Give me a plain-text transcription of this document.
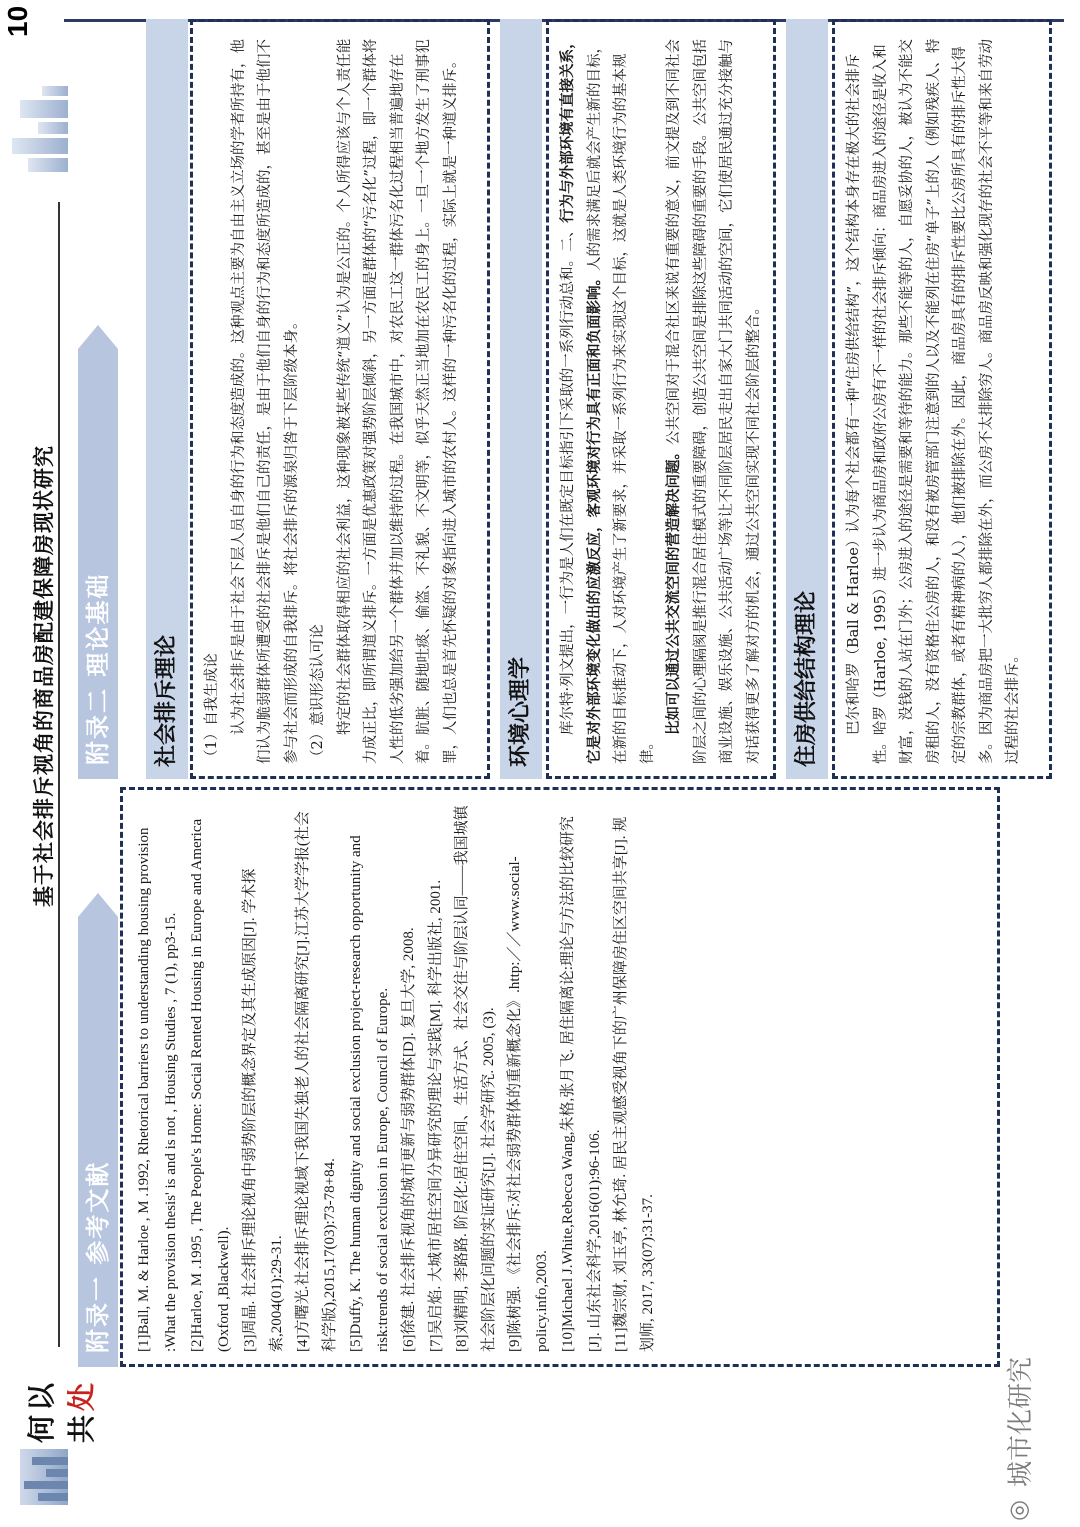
何以共处
基于社会排斥视角的商品房配建保障房现状研究
10
附录一 参考文献	[1]Ball, M. & Harloe , M .1992, Rhetorical barriers to understanding housing provision :What the provision thesis' is and is not , Housing Studies , 7 (1), pp3-15. [2]Harloe, M .1995 , The People's Home: Social Rented Housing in Europe and America (Oxford ,Blackwell). [3]周晶. 社会排斥理论视角中弱势阶层的概念界定及其生成原因[J]. 学术探索,2004(01):29-31. [4]方曙光.社会排斥理论视域下我国失独老人的社会隔离研究[J].江苏大学学报(社会科学版),2015,17(03):73-78+84. [5]Duffy, K. The human dignity and social exclusion project-research opportunity and risk:trends of social exclusion in Europe, Council of Europe. [6]徐建. 社会排斥视角的城市更新与弱势群体[D]. 复旦大学, 2008. [7]吴启焰. 大城市居住空间分异研究的理论与实践[M]. 科学出版社, 2001. [8]刘精明, 李路路. 阶层化:居住空间、生活方式、社会交往与阶层认同——我国城镇社会阶层化问题的实证研究[J]. 社会学研究. 2005, (3). [9]陈树强. 《社会排斥:对社会弱势群体的重新概念化》.http:／／www.social-policy.info,2003. [10]Michael J.White,Rebecca Wang,朱格,张月飞. 居住隔离论:理论与方法的比较研究[J]. 山东社会科学,2016(01):96-106. [11]魏宗财, 刘玉亭, 林允琦. 居民主观感受视角下的广州保障房住区空间共享[J]. 规划师, 2017, 33(07):31-37.

附录二 理论基础	社会排斥理论	（1）自我生成论 认为社会排斥是由于社会下层人员自身的行为和态度造成的。这种观点主要为自由主义立场的学者所持有，他们认为脆弱群体所遭受的社会排斥是他们自己的责任，是由于他们自身的行为和态度所造成的，甚至是由于他们不参与社会而形成的自我排斥。将社会排斥的源泉归咎于下层阶级本身。 （2）意识形态认可论 特定的社会群体取得相应的社会利益，这种现象被某些传统“道义”认为是公正的。个人所得应该与个人责任能力成正比，即所谓道义排斥。一方面是优惠政策对强势阶层倾斜，另一方面是群体的“污名化”过程，即一个群体将人性的低劣强加给另一个群体并加以维持的过程。在我国城市中，对农民工这一群体污名化过程相当普遍地存在着。肮脏、随地吐痰、偷盗、不礼貌、不文明等，似乎天然正当地加在农民工的身上。一旦一个地方发生了刑事犯罪，人们也总是首先怀疑的对象指向进入城市的农村人。这样的一种污名化的过程，实际上就是一种道义排斥。	环境心理学	库尔特·列文提出，一行为是人们在既定目标指引下采取的一系列行动总和。二、行为与外部环境有直接关系，它是对外部环境变化做出的应激反应，客观环境对行为具有正面和负面影响。人的需求满足后就会产生新的目标，在新的目标推动下，人对环境产生了新要求，并采取一系列行为来实现这个目标，这就是人类环境行为的基本规律。

比如可以通过公共交流空间的营造解决问题。公共空间对于混合社区来说有重要的意义，前文提及到不同社会阶层之间的心理隔阂是推行混合居住模式的重要障碍，创造公共空间是排除这些障碍的重要的手段。公共空间包括商业设施、娱乐设施、公共活动广场等让不同阶层居民走出自家大门共同活动的空间，它们使居民通过充分接触与对话获得更多了解对方的机会，通过公共空间实现不同社会阶层的整合。	住房供给结构理论	巴尔和哈罗（Ball & Harloe）认为每个社会都有一种“住房供给结构”，这个结构本身存在极大的社会排斥性。哈罗（Harloe, 1995）进一步认为商品房和政府公房有不一样的社会排斥倾向：商品房进入的途径是收入和财富，没钱的人站在门外；公房进入的途径是需要和等待的能力。那些不能等的人，自愿妥协的人，被认为不能交房租的人，没有资格住公房的人，和没有被房管部门注意到的人以及不能列在住房“单子”上的人（例如残疾人、特定的宗教群体，或者有精神病的人），他们被排除在外。因此，商品房具有的排斥性要比公房所具有的排斥性大得多。因为商品房把一大批穷人都排除在外，而公房不太排除穷人。商品房反映和强化现存的社会不平等和来自劳动过程的社会排斥。

◎
城市化研究
